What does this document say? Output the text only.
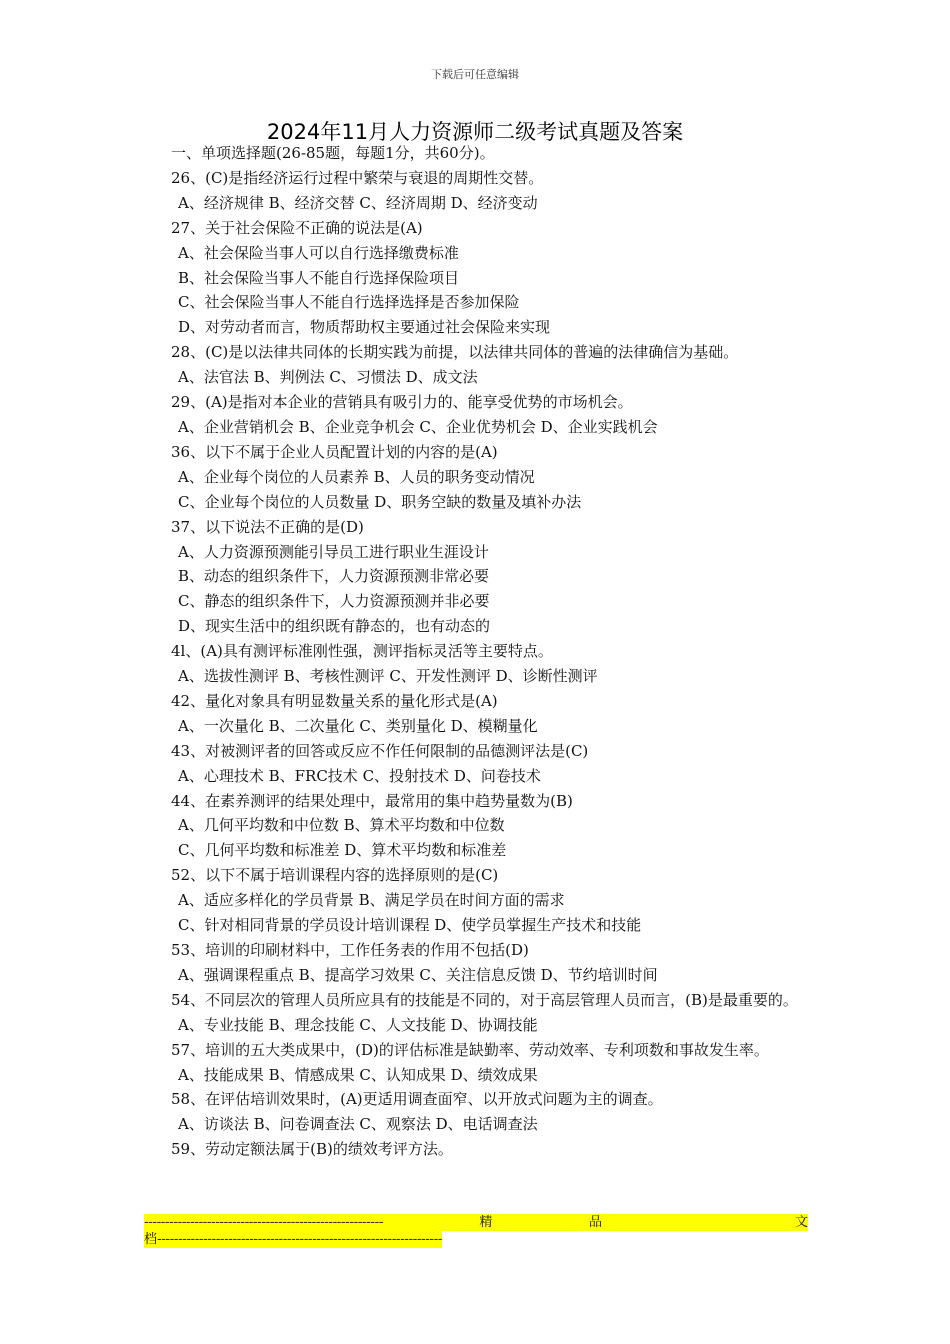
下载后可任意编辑
2024年11月人力资源师二级考试真题及答案
一、单项选择题(26-85题，每题1分，共60分)。
26、(C)是指经济运行过程中繁荣与衰退的周期性交替。
A、经济规律 B、经济交替 C、经济周期 D、经济变动
27、关于社会保险不正确的说法是(A)
A、社会保险当事人可以自行选择缴费标准
B、社会保险当事人不能自行选择保险项目
C、社会保险当事人不能自行选择选择是否参加保险
D、对劳动者而言，物质帮助权主要通过社会保险来实现
28、(C)是以法律共同体的长期实践为前提，以法律共同体的普遍的法律确信为基础。
A、法官法 B、判例法 C、习惯法 D、成文法
29、(A)是指对本企业的营销具有吸引力的、能享受优势的市场机会。
A、企业营销机会 B、企业竞争机会 C、企业优势机会 D、企业实践机会
36、以下不属于企业人员配置计划的内容的是(A)
A、企业每个岗位的人员素养 B、人员的职务变动情况
C、企业每个岗位的人员数量 D、职务空缺的数量及填补办法
37、以下说法不正确的是(D)
A、人力资源预测能引导员工进行职业生涯设计
B、动态的组织条件下，人力资源预测非常必要
C、静态的组织条件下，人力资源预测并非必要
D、现实生活中的组织既有静态的，也有动态的
4l、(A)具有测评标准刚性强，测评指标灵活等主要特点。
A、选拔性测评 B、考核性测评 C、开发性测评 D、诊断性测评
42、量化对象具有明显数量关系的量化形式是(A)
A、一次量化 B、二次量化 C、类别量化 D、模糊量化
43、对被测评者的回答或反应不作任何限制的品德测评法是(C)
A、心理技术 B、FRC技术 C、投射技术 D、问卷技术
44、在素养测评的结果处理中，最常用的集中趋势量数为(B)
A、几何平均数和中位数 B、算术平均数和中位数
C、几何平均数和标准差 D、算术平均数和标准差
52、以下不属于培训课程内容的选择原则的是(C)
A、适应多样化的学员背景 B、满足学员在时间方面的需求
C、针对相同背景的学员设计培训课程 D、使学员掌握生产技术和技能
53、培训的印刷材料中，工作任务表的作用不包括(D)
A、强调课程重点 B、提高学习效果 C、关注信息反馈 D、节约培训时间
54、不同层次的管理人员所应具有的技能是不同的，对于高层管理人员而言，(B)是最重要的。
A、专业技能 B、理念技能 C、人文技能 D、协调技能
57、培训的五大类成果中，(D)的评估标准是缺勤率、劳动效率、专利项数和事故发生率。
A、技能成果 B、情感成果 C、认知成果 D、绩效成果
58、在评估培训效果时，(A)更适用调查面窄、以开放式问题为主的调查。
A、访谈法 B、问卷调查法 C、观察法 D、电话调查法
59、劳动定额法属于(B)的绩效考评方法。
---------------------------------------------------------	精	品	文
档--------------------------------------------------------------------
